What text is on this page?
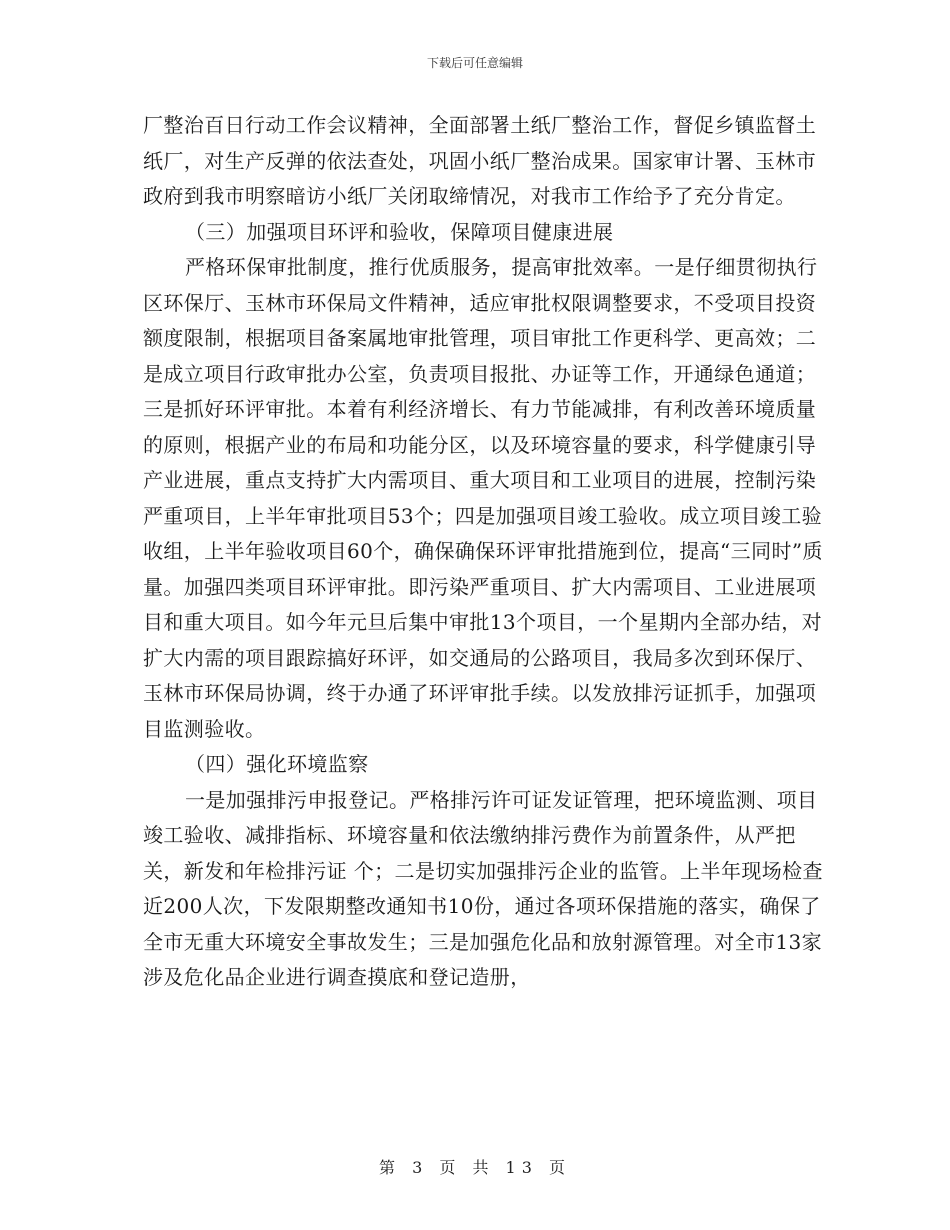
下载后可任意编辑

厂整治百日行动工作会议精神，全面部署土纸厂整治工作，督促乡镇监督土纸厂，对生产反弹的依法查处，巩固小纸厂整治成果。国家审计署、玉林市政府到我市明察暗访小纸厂关闭取缔情况，对我市工作给予了充分肯定。

（三）加强项目环评和验收，保障项目健康进展

严格环保审批制度，推行优质服务，提高审批效率。一是仔细贯彻执行区环保厅、玉林市环保局文件精神，适应审批权限调整要求，不受项目投资额度限制，根据项目备案属地审批管理，项目审批工作更科学、更高效；二是成立项目行政审批办公室，负责项目报批、办证等工作，开通绿色通道；三是抓好环评审批。本着有利经济增长、有力节能减排，有利改善环境质量的原则，根据产业的布局和功能分区，以及环境容量的要求，科学健康引导产业进展，重点支持扩大内需项目、重大项目和工业项目的进展，控制污染严重项目，上半年审批项目53个；四是加强项目竣工验收。成立项目竣工验收组，上半年验收项目60个，确保确保环评审批措施到位，提高“三同时”质量。加强四类项目环评审批。即污染严重项目、扩大内需项目、工业进展项目和重大项目。如今年元旦后集中审批13个项目，一个星期内全部办结，对扩大内需的项目跟踪搞好环评，如交通局的公路项目，我局多次到环保厅、玉林市环保局协调，终于办通了环评审批手续。以发放排污证抓手，加强项目监测验收。

（四）强化环境监察

一是加强排污申报登记。严格排污许可证发证管理，把环境监测、项目竣工验收、减排指标、环境容量和依法缴纳排污费作为前置条件，从严把关，新发和年检排污证 个；二是切实加强排污企业的监管。上半年现场检查近200人次，下发限期整改通知书10份，通过各项环保措施的落实，确保了全市无重大环境安全事故发生；三是加强危化品和放射源管理。对全市13家涉及危化品企业进行调查摸底和登记造册，

第 3 页 共 13 页
